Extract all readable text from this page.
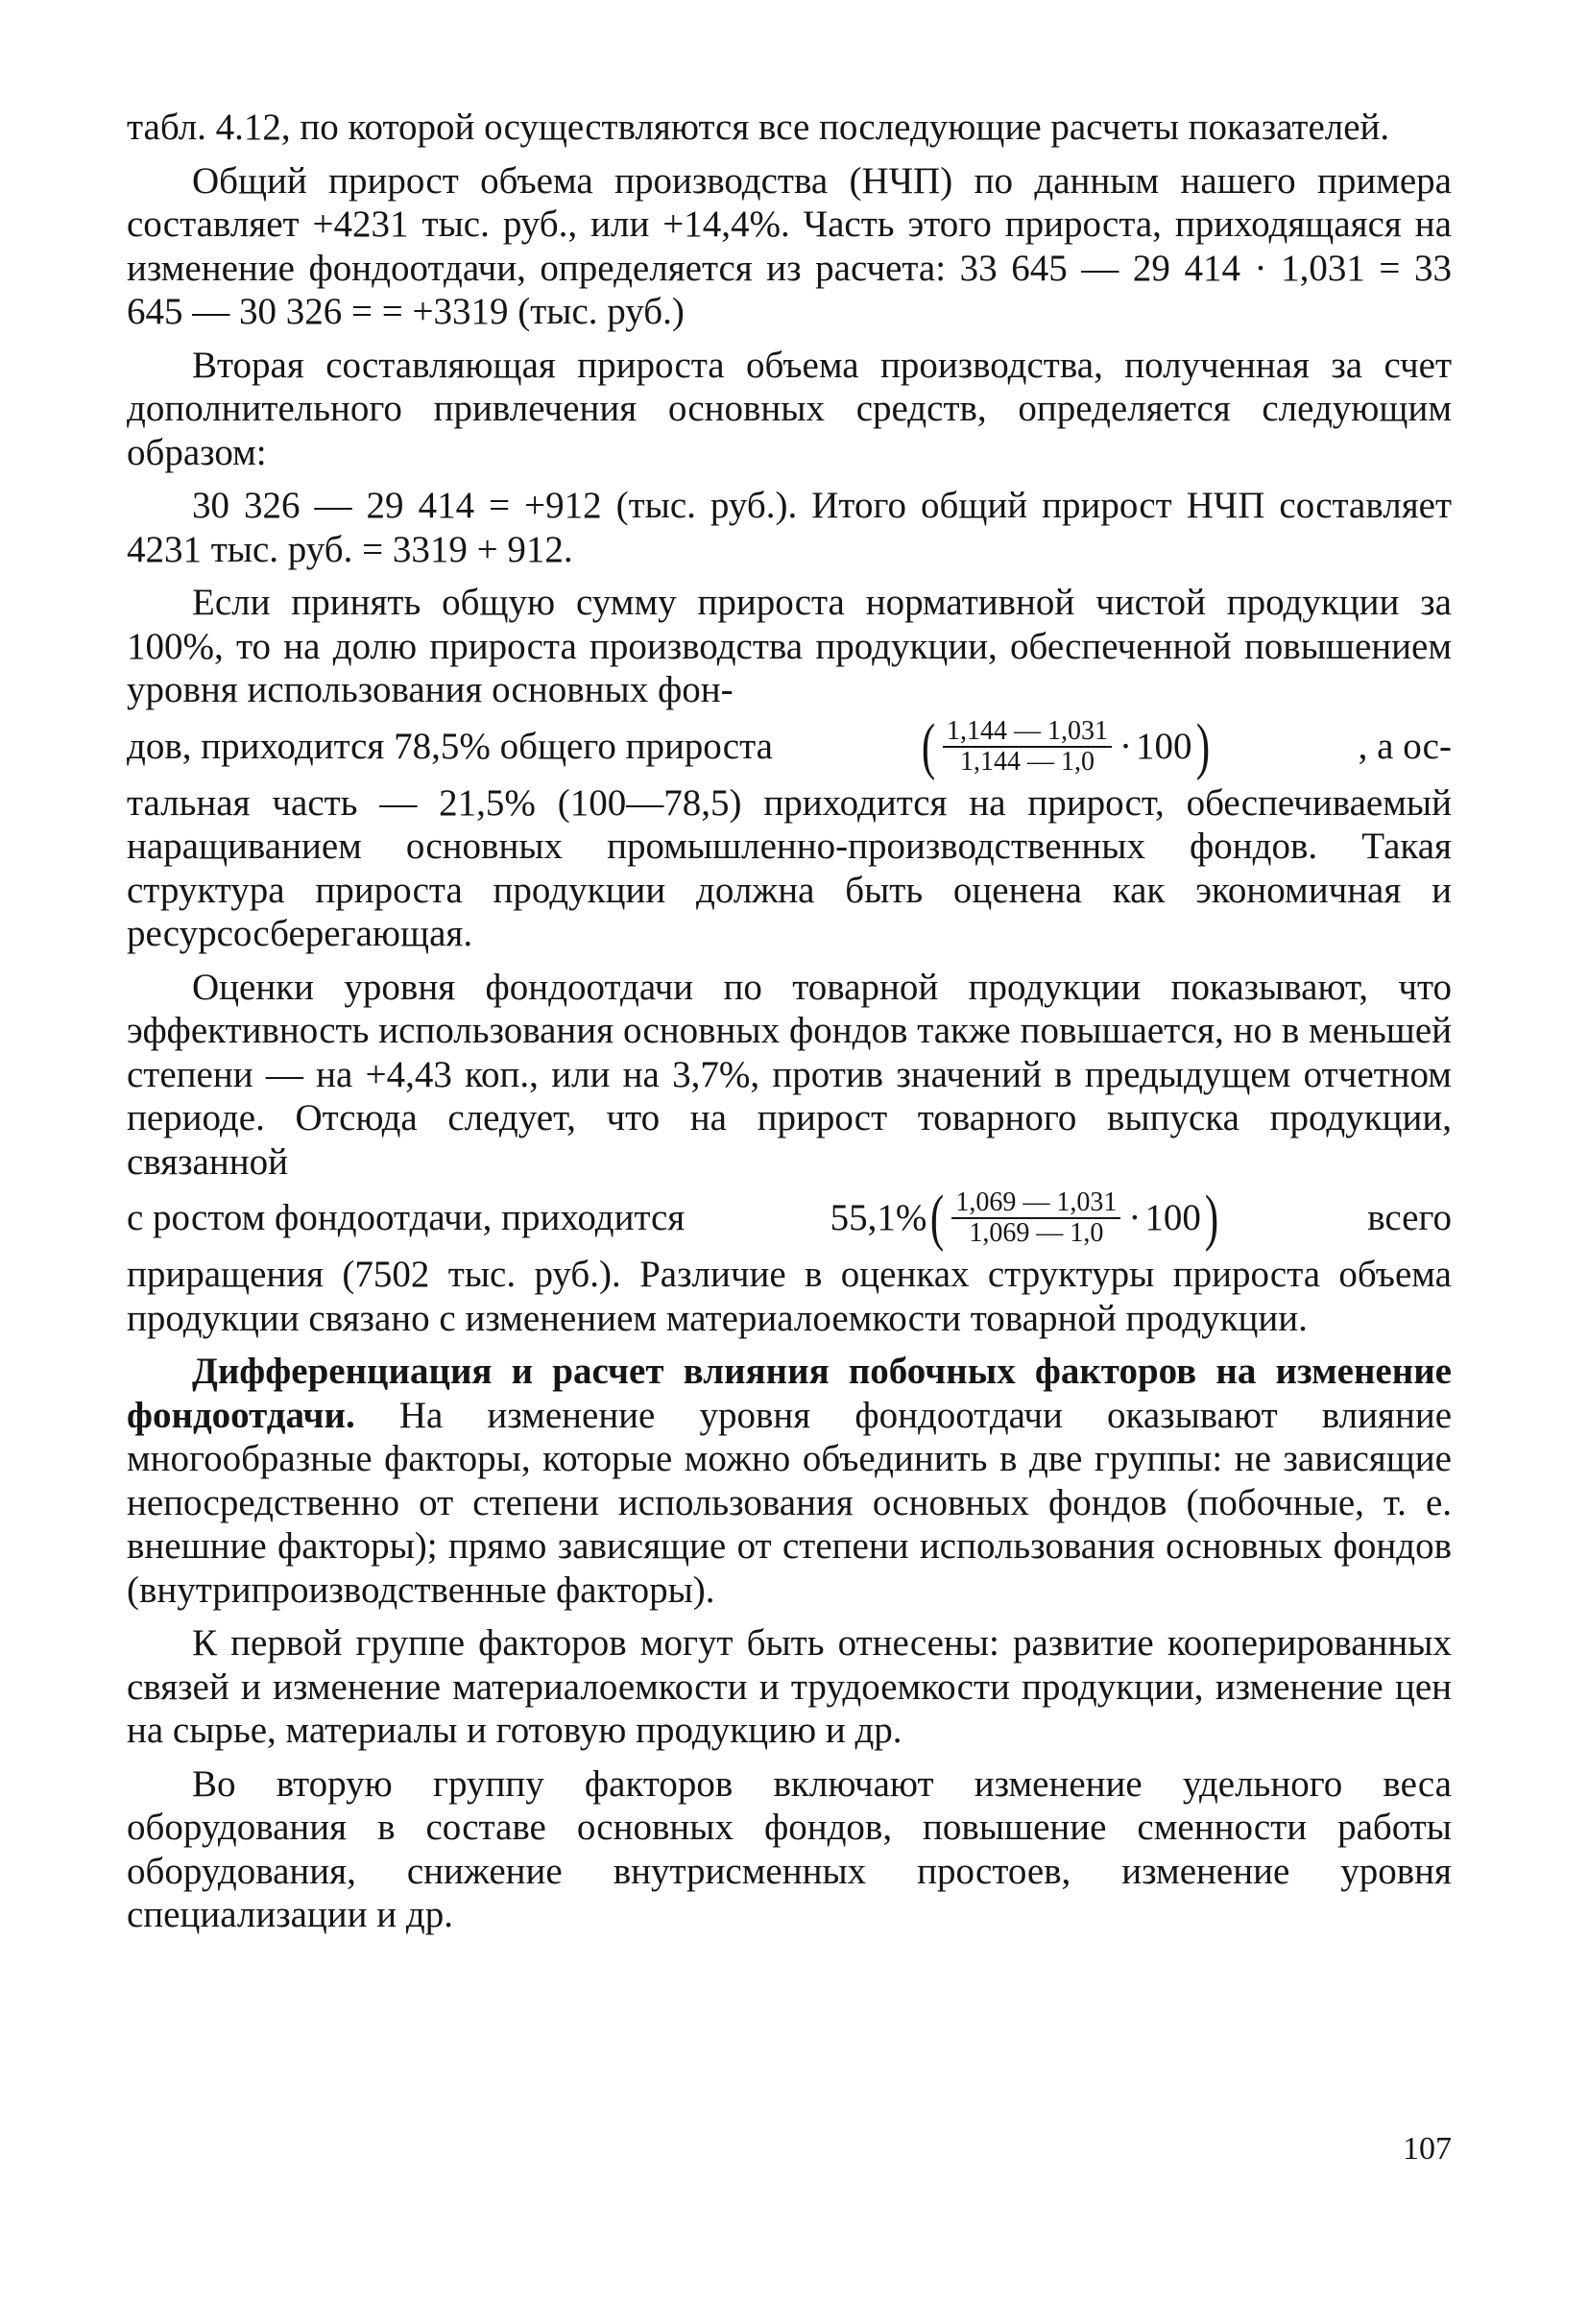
табл. 4.12, по которой осуществляются все последующие расчеты показателей.

Общий прирост объема производства (НЧП) по данным нашего примера составляет +4231 тыс. руб., или +14,4%. Часть этого прироста, приходящаяся на изменение фондоотдачи, определяется из расчета: 33 645 — 29 414 · 1,031 = 33 645 — 30 326 = = +3319 (тыс. руб.)

Вторая составляющая прироста объема производства, полученная за счет дополнительного привлечения основных средств, определяется следующим образом:

30 326 — 29 414 = +912 (тыс. руб.). Итого общий прирост НЧП составляет 4231 тыс. руб. = 3319 + 912.

Если принять общую сумму прироста нормативной чистой продукции за 100%, то на долю прироста производства продукции, обеспеченной повышением уровня использования основных фон-

дов, приходится 78,5% общего прироста ( $\frac{1,144 — 1,031}{1,144 — 1,0} \cdot 100$ )	, а ос-

тальная часть — 21,5% (100—78,5) приходится на прирост, обеспечиваемый наращиванием основных промышленно-производственных фондов. Такая структура прироста продукции должна быть оценена как экономичная и ресурсосберегающая.

Оценки уровня фондоотдачи по товарной продукции показывают, что эффективность использования основных фондов также повышается, но в меньшей степени — на +4,43 коп., или на 3,7%, против значений в предыдущем отчетном периоде. Отсюда следует, что на прирост товарного выпуска продукции, связанной

с ростом фондоотдачи, приходится	55,1% ( $\frac{1,069 — 1,031}{1,069 — 1,0} \cdot 100$ )	всего

приращения (7502 тыс. руб.). Различие в оценках структуры прироста объема продукции связано с изменением материалоемкости товарной продукции.

Дифференциация и расчет влияния побочных факторов на изменение фондоотдачи. На изменение уровня фондоотдачи оказывают влияние многообразные факторы, которые можно объединить в две группы: не зависящие непосредственно от степени использования основных фондов (побочные, т. е. внешние факторы); прямо зависящие от степени использования основных фондов (внутрипроизводственные факторы).

К первой группе факторов могут быть отнесены: развитие кооперированных связей и изменение материалоемкости и трудоемкости продукции, изменение цен на сырье, материалы и готовую продукцию и др.

Во вторую группу факторов включают изменение удельного веса оборудования в составе основных фондов, повышение сменности работы оборудования, снижение внутрисменных простоев, изменение уровня специализации и др.

107
